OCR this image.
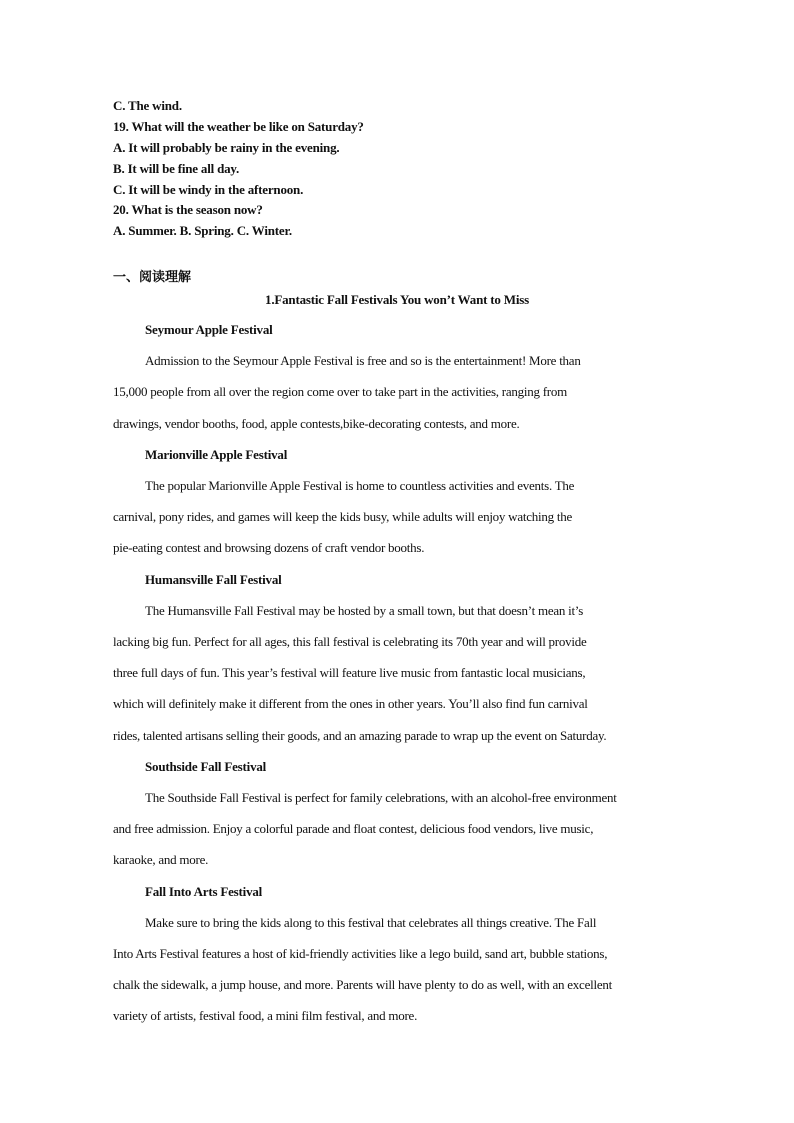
C. The wind.
19. What will the weather be like on Saturday?
A. It will probably be rainy in the evening.
B. It will be fine all day.
C. It will be windy in the afternoon.
20. What is the season now?
A. Summer. B. Spring. C. Winter.
一、阅读理解
1.Fantastic Fall Festivals You won’t Want to Miss
Seymour Apple Festival
Admission to the Seymour Apple Festival is free and so is the entertainment! More than
15,000 people from all over the region come over to take part in the activities, ranging from
drawings, vendor booths, food, apple contests,bike-decorating contests, and more.
Marionville Apple Festival
The popular Marionville Apple Festival is home to countless activities and events. The
carnival, pony rides, and games will keep the kids busy, while adults will enjoy watching the
pie-eating contest and browsing dozens of craft vendor booths.
Humansville Fall Festival
The Humansville Fall Festival may be hosted by a small town, but that doesn’t mean it’s
lacking big fun. Perfect for all ages, this fall festival is celebrating its 70th year and will provide
three full days of fun. This year’s festival will feature live music from fantastic local musicians,
which will definitely make it different from the ones in other years. You’ll also find fun carnival
rides, talented artisans selling their goods, and an amazing parade to wrap up the event on Saturday.
Southside Fall Festival
The Southside Fall Festival is perfect for family celebrations, with an alcohol-free environment
and free admission. Enjoy a colorful parade and float contest, delicious food vendors, live music,
karaoke, and more.
Fall Into Arts Festival
Make sure to bring the kids along to this festival that celebrates all things creative. The Fall
Into Arts Festival features a host of kid-friendly activities like a lego build, sand art, bubble stations,
chalk the sidewalk, a jump house, and more. Parents will have plenty to do as well, with an excellent
variety of artists, festival food, a mini film festival, and more.
